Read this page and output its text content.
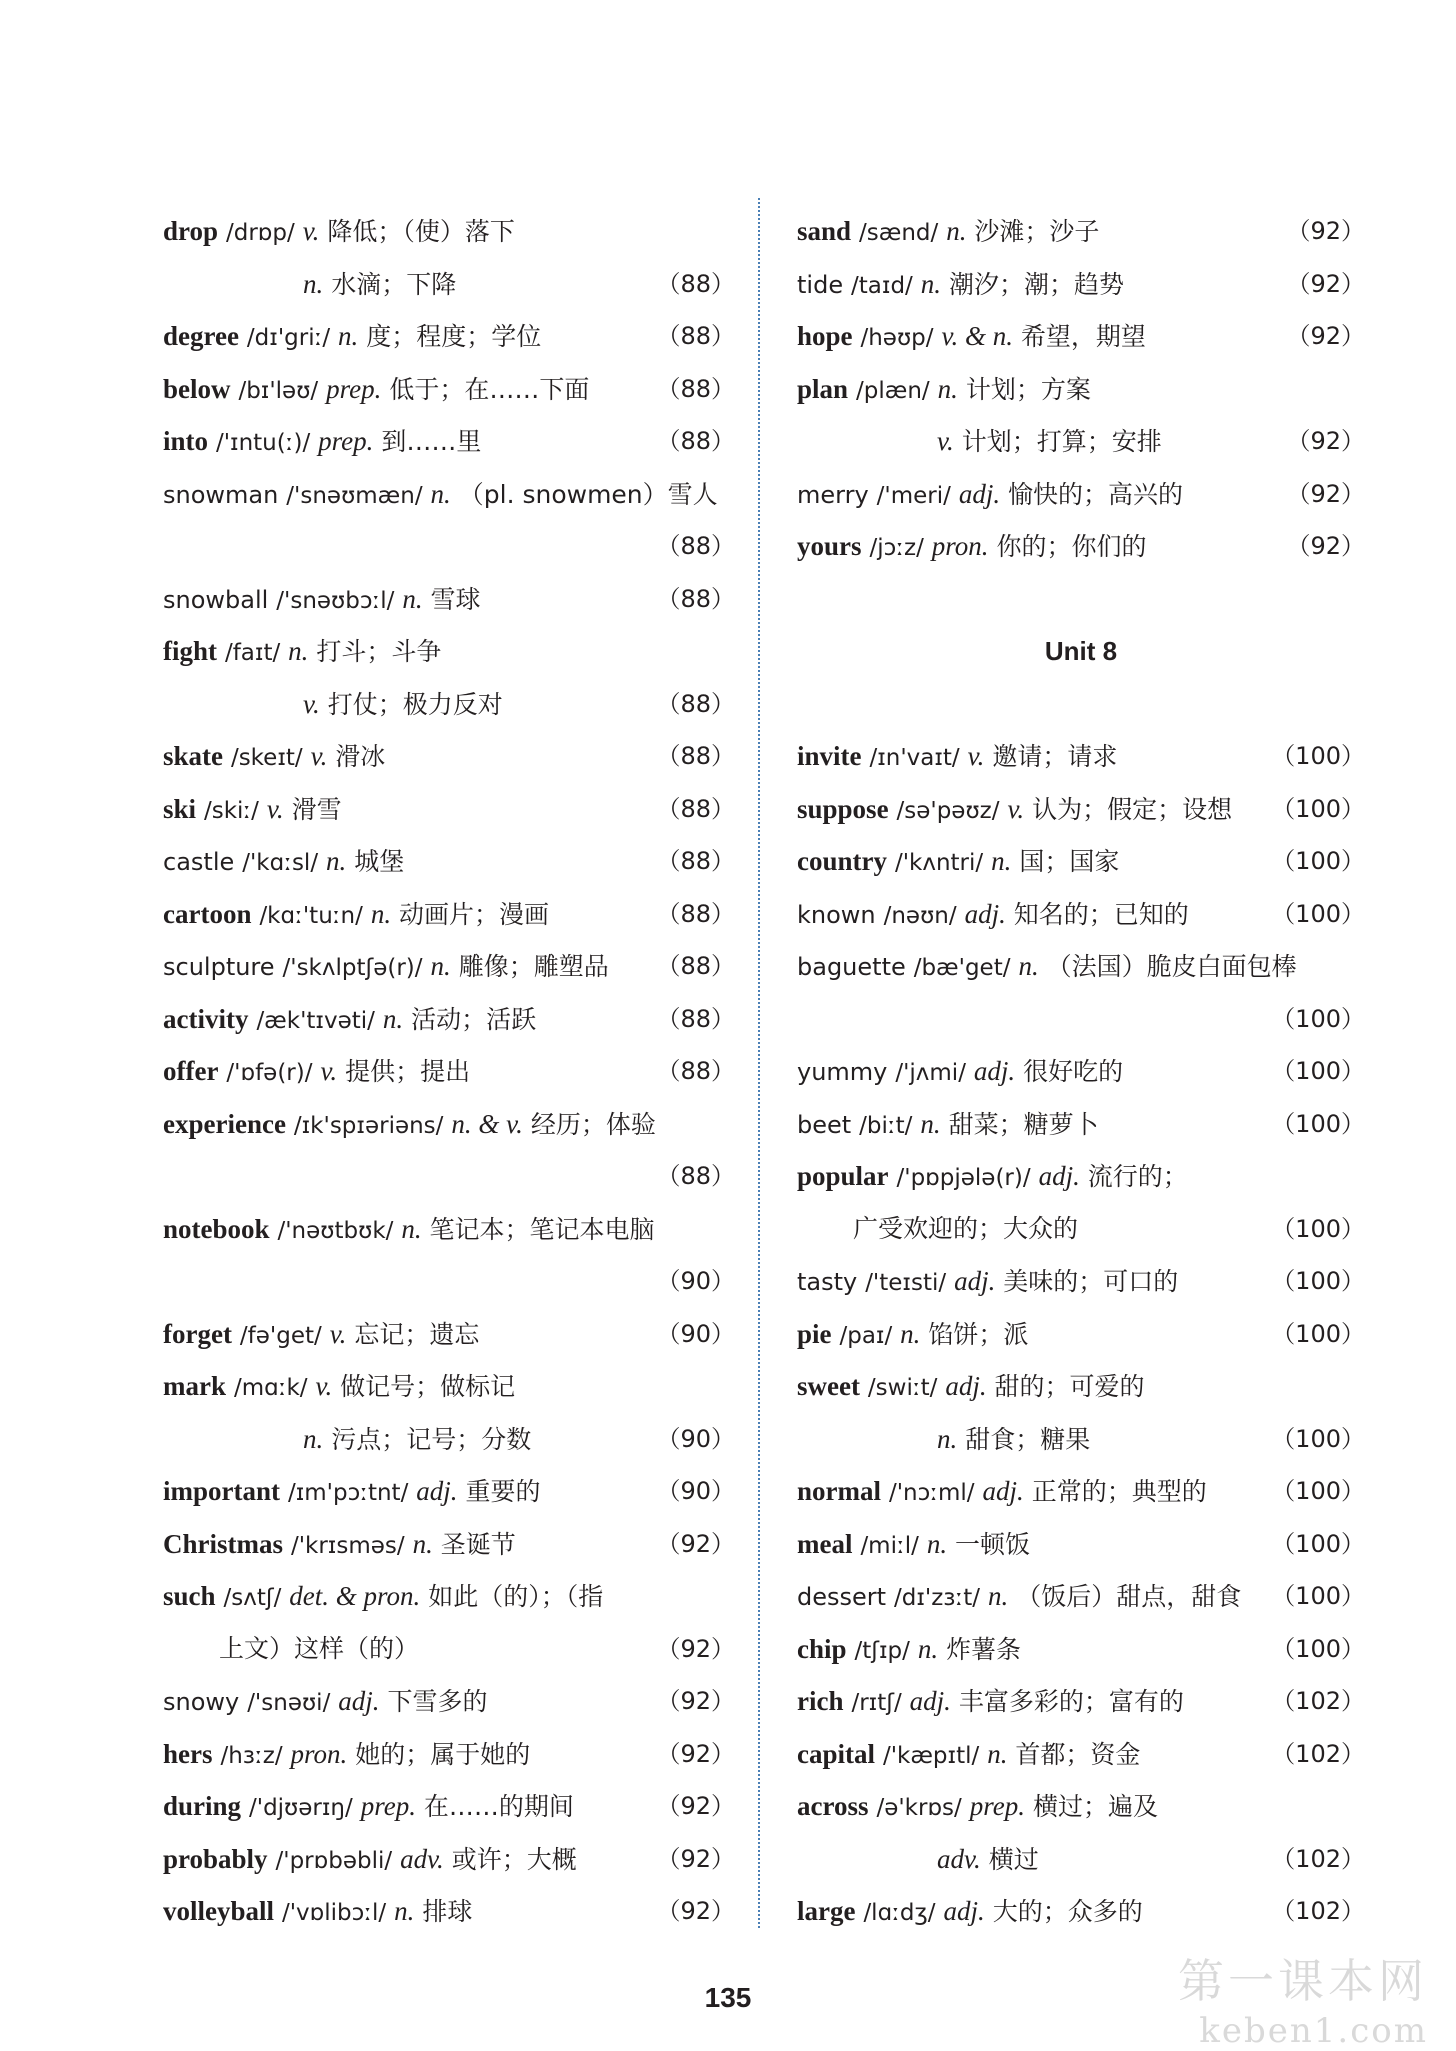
drop /drɒp/ v. 降低；（使）落下
n. 水滴；下降	（88）
degree /dɪ'griː/ n. 度；程度；学位	（88）
below /bɪ'ləʊ/ prep. 低于；在……下面	（88）
into /'ɪntu(ː)/ prep. 到……里	（88）
snowman /'snəʊmæn/ n. （pl. snowmen）雪人
（88）
snowball /'snəʊbɔːl/ n. 雪球	（88）
fight /faɪt/ n. 打斗；斗争
v. 打仗；极力反对	（88）
skate /skeɪt/ v. 滑冰	（88）
ski /skiː/ v. 滑雪	（88）
castle /'kɑːsl/ n. 城堡	（88）
cartoon /kɑː'tuːn/ n. 动画片；漫画	（88）
sculpture /'skʌlptʃə(r)/ n. 雕像；雕塑品 （88）
activity /æk'tɪvəti/ n. 活动；活跃	（88）
offer /'ɒfə(r)/ v. 提供；提出	（88）
experience /ɪk'spɪəriəns/ n. & v. 经历；体验
（88）
notebook /'nəʊtbʊk/ n. 笔记本；笔记本电脑
（90）
forget /fə'get/ v. 忘记；遗忘	（90）
mark /mɑːk/ v. 做记号；做标记
n. 污点；记号；分数	（90）
important /ɪm'pɔːtnt/ adj. 重要的	（90）
Christmas /'krɪsməs/ n. 圣诞节	（92）
such /sʌtʃ/ det. & pron. 如此（的）；（指
上文）这样（的）	（92）
snowy /'snəʊi/ adj. 下雪多的	（92）
hers /hɜːz/ pron. 她的；属于她的	（92）
during /'djʊərɪŋ/ prep. 在……的期间	（92）
probably /'prɒbəbli/ adv. 或许；大概	（92）
volleyball /'vɒlibɔːl/ n. 排球	（92）
sand /sænd/ n. 沙滩；沙子	（92）
tide /taɪd/ n. 潮汐；潮；趋势	（92）
hope /həʊp/ v. & n. 希望，期望	（92）
plan /plæn/ n. 计划；方案
v. 计划；打算；安排	（92）
merry /'meri/ adj. 愉快的；高兴的	（92）
yours /jɔːz/ pron. 你的；你们的	（92）
Unit 8
invite /ɪn'vaɪt/ v. 邀请；请求	（100）
suppose /sə'pəʊz/ v. 认为；假定；设想 （100）
country /'kʌntri/ n. 国；国家	（100）
known /nəʊn/ adj. 知名的；已知的	（100）
baguette /bæ'get/ n. （法国）脆皮白面包棒
（100）
yummy /'jʌmi/ adj. 很好吃的	（100）
beet /biːt/ n. 甜菜；糖萝卜	（100）
popular /'pɒpjələ(r)/ adj. 流行的；
广受欢迎的；大众的	（100）
tasty /'teɪsti/ adj. 美味的；可口的	（100）
pie /paɪ/ n. 馅饼；派	（100）
sweet /swiːt/ adj. 甜的；可爱的
n. 甜食；糖果	（100）
normal /'nɔːml/ adj. 正常的；典型的	（100）
meal /miːl/ n. 一顿饭	（100）
dessert /dɪ'zɜːt/ n. （饭后）甜点，甜食 （100）
chip /tʃɪp/ n. 炸薯条	（100）
rich /rɪtʃ/ adj. 丰富多彩的；富有的	（102）
capital /'kæpɪtl/ n. 首都；资金	（102）
across /ə'krɒs/ prep. 横过；遍及
adv. 横过	（102）
large /lɑːdʒ/ adj. 大的；众多的	（102）
135	第一课本网
keben1.com
